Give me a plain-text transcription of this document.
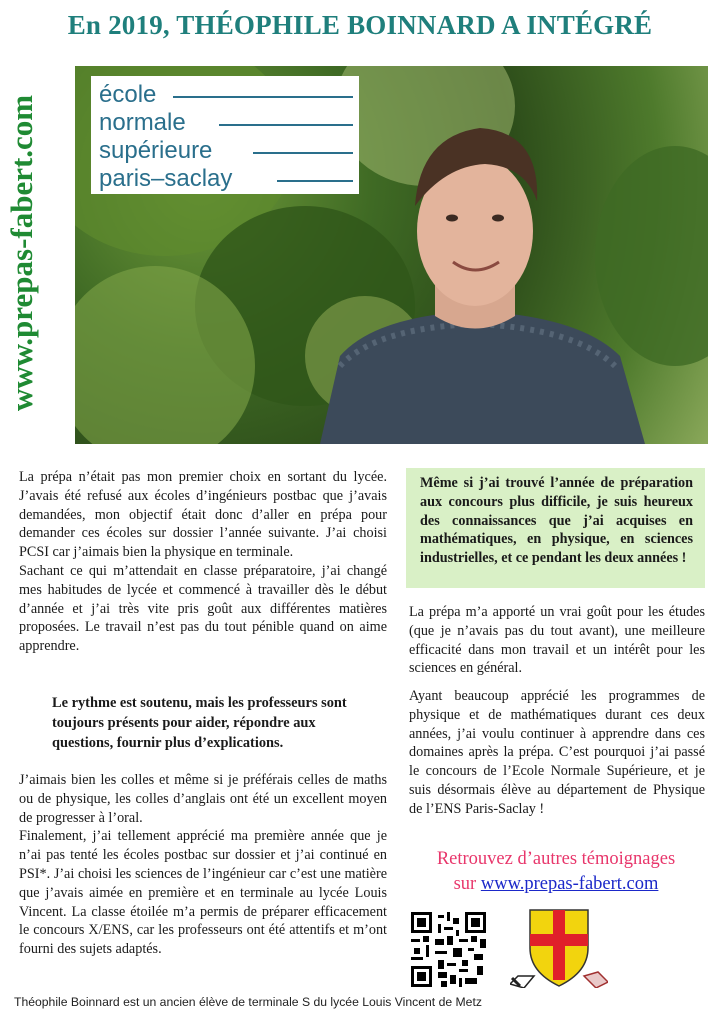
En 2019, THÉOPHILE BOINNARD A INTÉGRÉ
www.prepas-fabert.com	école
normale
supérieure
paris–saclay

La prépa n’était pas mon premier choix en sortant du lycée. J’avais été refusé aux écoles d’ingénieurs postbac que j’avais demandées, mon objectif était donc d’aller en prépa pour demander ces écoles sur dossier l’année suivante. J’ai choisi PCSI car j’aimais bien la physique en terminale.

Sachant ce qui m’attendait en classe préparatoire, j’ai changé mes habitudes de lycée et commencé à travailler dès le début d’année et j’ai très vite pris goût aux différentes matières proposées. Le travail n’est pas du tout pénible quand on aime apprendre.

Le rythme est soutenu, mais les professeurs sont toujours présents pour aider, répondre aux questions, fournir plus d’explications.

J’aimais bien les colles et même si je préférais celles de maths ou de physique, les colles d’anglais ont été un excellent moyen de progresser à l’oral.

Finalement, j’ai tellement apprécié ma première année que je n’ai pas tenté les écoles postbac sur dossier et j’ai continué en PSI*. J’ai choisi les sciences de l’ingénieur car c’est une matière que j’avais aimée en première et en terminale au lycée Louis Vincent. La classe étoilée m’a permis de préparer efficacement le concours X/ENS, car les professeurs ont été attentifs et m’ont fourni des sujets adaptés.

Même si j’ai trouvé l’année de préparation aux concours plus difficile, je suis heureux des connaissances que j’ai acquises en mathématiques, en physique, en sciences industrielles, et ce pendant les deux années !

La prépa m’a apporté un vrai goût pour les études (que je n’avais pas du tout avant), une meilleure efficacité dans mon travail et un intérêt pour les sciences en général.
Ayant beaucoup apprécié les programmes de physique et de mathématiques durant ces deux années, j’ai voulu continuer à apprendre dans ces domaines après la prépa. C’est pourquoi j’ai passé le concours de l’Ecole Normale Supérieure, et je suis désormais élève au département de Physique de l’ENS Paris-Saclay !
Retrouvez d’autres témoignages
sur www.prepas-fabert.com
Théophile Boinnard est un ancien élève de terminale S du lycée Louis Vincent de Metz
